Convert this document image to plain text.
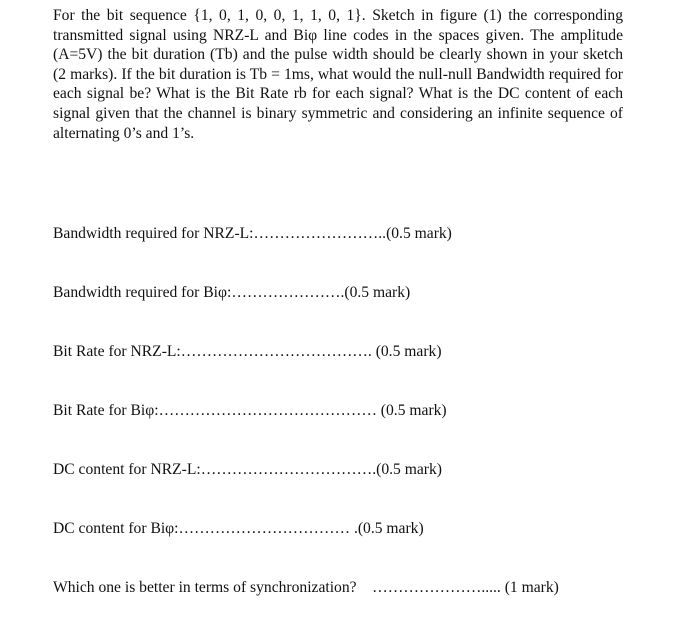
For the bit sequence {1, 0, 1, 0, 0, 1, 1, 0, 1}. Sketch in figure (1) the corresponding transmitted signal using NRZ-L and Biφ line codes in the spaces given. The amplitude (A=5V) the bit duration (Tb) and the pulse width should be clearly shown in your sketch (2 marks). If the bit duration is Tb = 1ms, what would the null-null Bandwidth required for each signal be? What is the Bit Rate rb for each signal? What is the DC content of each signal given that the channel is binary symmetric and considering an infinite sequence of alternating 0’s and 1’s.

Bandwidth required for NRZ-L:……………………..(0.5 mark)
Bandwidth required for Biφ:………………….(0.5 mark)
Bit Rate for NRZ-L:………………………………. (0.5 mark)
Bit Rate for Biφ:…………………………………… (0.5 mark)
DC content for NRZ-L:…………………………….(0.5 mark)
DC content for Biφ:…………………………… .(0.5 mark)
Which one is better in terms of synchronization?    …………………..... (1 mark)
